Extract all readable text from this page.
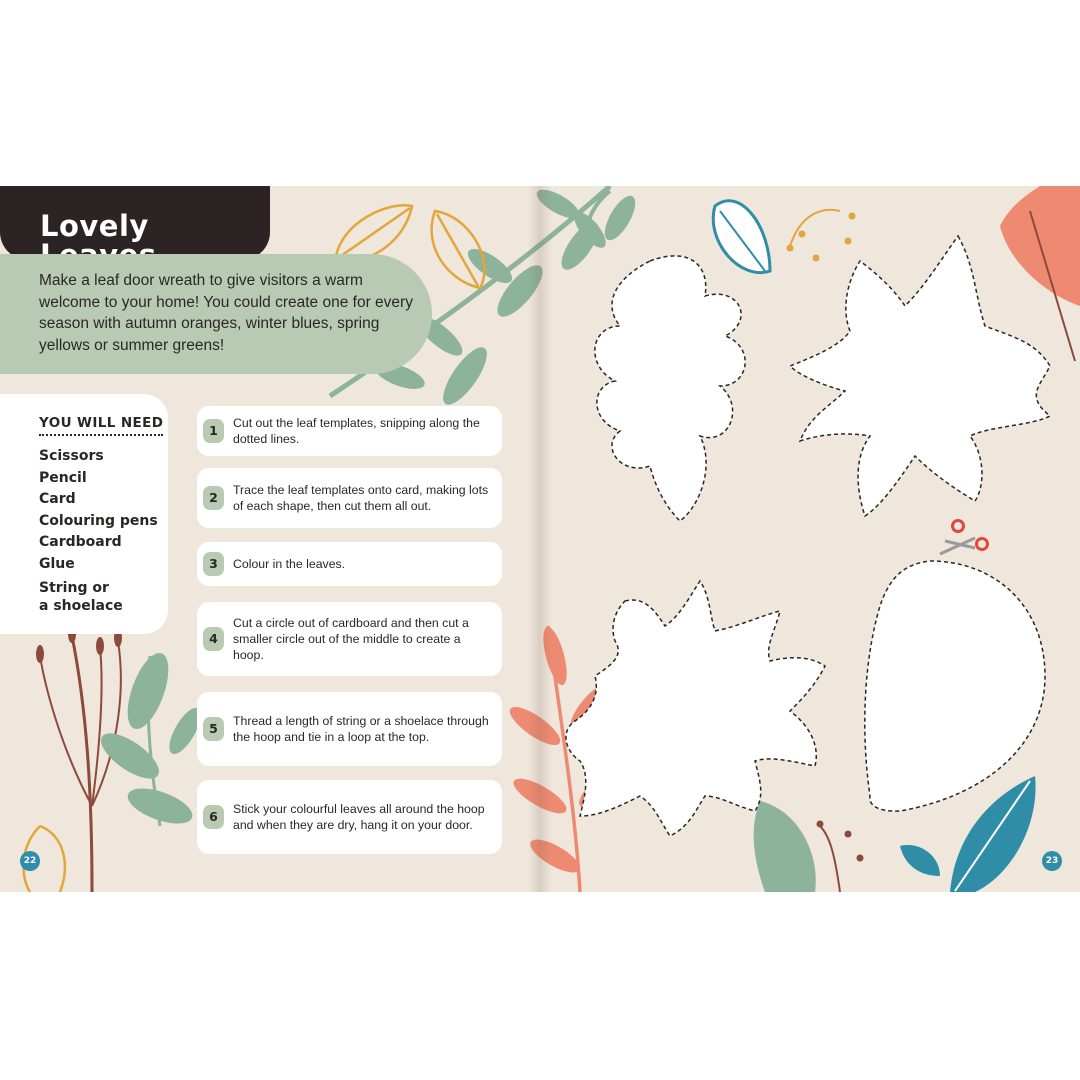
Lovely

Make a leaf door wreath to give visitors a warm welcome to your home! You could create one for every season with autumn oranges, winter blues, spring yellows or summer greens!

YOU WILL NEED
Scissors
Pencil
Card
Colouring pens
Cardboard
Glue
String or
a shoelace
1	Cut out the leaf templates, snipping along the dotted lines.

2	Trace the leaf templates onto card, making lots of each shape, then cut them all out.

3	Colour in the leaves.

4

Cut a circle out of cardboard and then cut a smaller circle out of the middle to create a hoop.

5	Thread a length of string or a shoelace through the hoop and tie in a loop at the top.

6	Stick your colourful leaves all around the hoop and when they are dry, hang it on your door.

22	23
